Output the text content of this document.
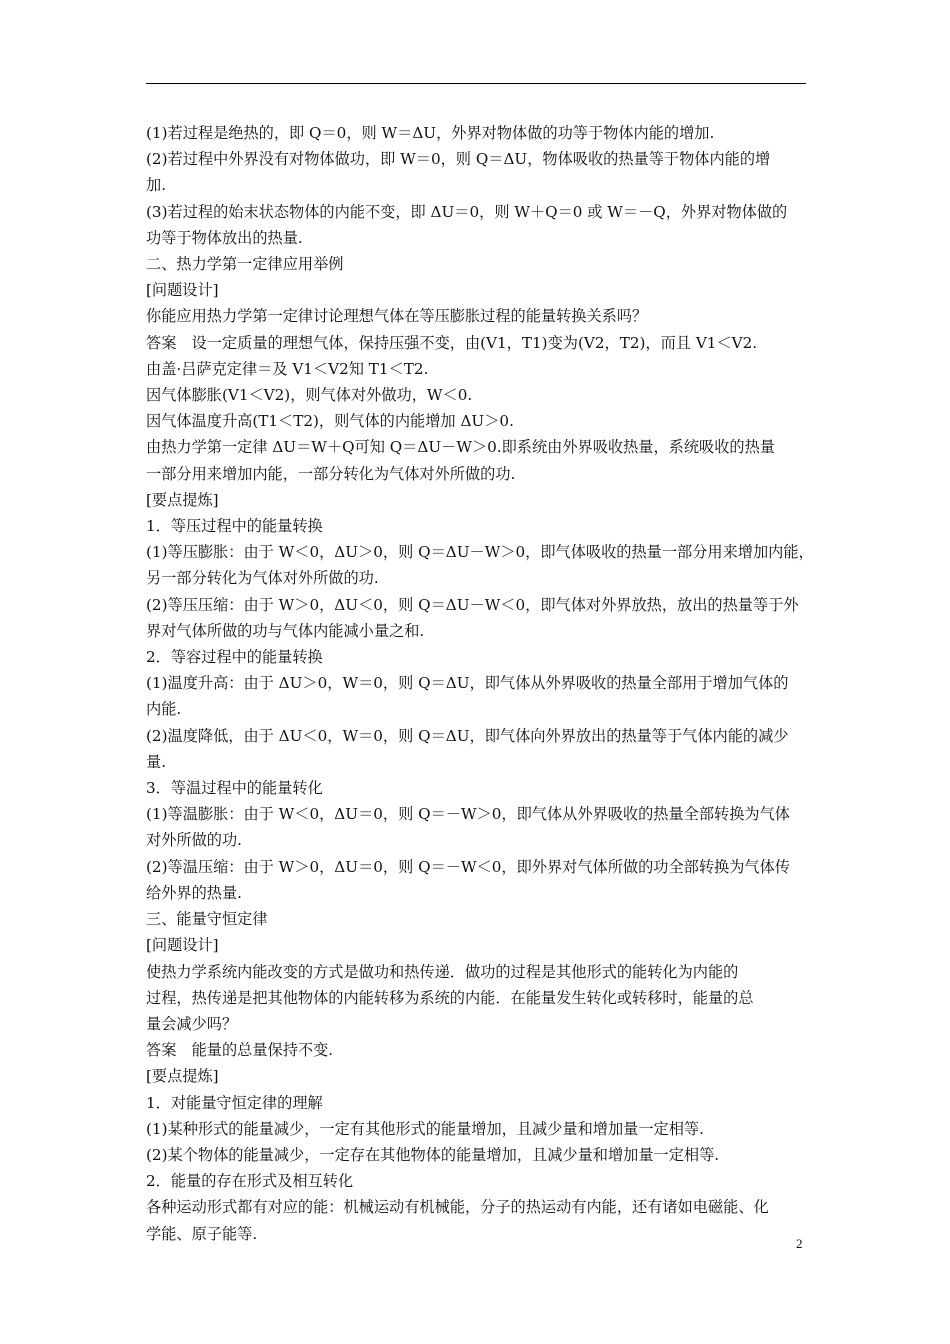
(1)若过程是绝热的，即 Q＝0，则 W＝ΔU，外界对物体做的功等于物体内能的增加.
(2)若过程中外界没有对物体做功，即 W＝0，则 Q＝ΔU，物体吸收的热量等于物体内能的增
加.
(3)若过程的始末状态物体的内能不变，即 ΔU＝0，则 W＋Q＝0 或 W＝－Q，外界对物体做的
功等于物体放出的热量.
二、热力学第一定律应用举例
[问题设计]
你能应用热力学第一定律讨论理想气体在等压膨胀过程的能量转换关系吗？
答案　设一定质量的理想气体，保持压强不变，由(V1，T1)变为(V2，T2)，而且 V1＜V2.
由盖·吕萨克定律＝及 V1＜V2知 T1＜T2.
因气体膨胀(V1＜V2)，则气体对外做功，W＜0.
因气体温度升高(T1＜T2)，则气体的内能增加 ΔU＞0.
由热力学第一定律 ΔU＝W＋Q可知 Q＝ΔU－W＞0.即系统由外界吸收热量，系统吸收的热量
一部分用来增加内能，一部分转化为气体对外所做的功.
[要点提炼]
1．等压过程中的能量转换
(1)等压膨胀：由于 W＜0，ΔU＞0，则 Q＝ΔU－W＞0，即气体吸收的热量一部分用来增加内能，
另一部分转化为气体对外所做的功.
(2)等压压缩：由于 W＞0，ΔU＜0，则 Q＝ΔU－W＜0，即气体对外界放热，放出的热量等于外
界对气体所做的功与气体内能减小量之和.
2．等容过程中的能量转换
(1)温度升高：由于 ΔU＞0，W＝0，则 Q＝ΔU，即气体从外界吸收的热量全部用于增加气体的
内能.
(2)温度降低，由于 ΔU＜0，W＝0，则 Q＝ΔU，即气体向外界放出的热量等于气体内能的减少
量.
3．等温过程中的能量转化
(1)等温膨胀：由于 W＜0，ΔU＝0，则 Q＝－W＞0，即气体从外界吸收的热量全部转换为气体
对外所做的功.
(2)等温压缩：由于 W＞0，ΔU＝0，则 Q＝－W＜0，即外界对气体所做的功全部转换为气体传
给外界的热量.
三、能量守恒定律
[问题设计]
使热力学系统内能改变的方式是做功和热传递．做功的过程是其他形式的能转化为内能的
过程，热传递是把其他物体的内能转移为系统的内能．在能量发生转化或转移时，能量的总
量会减少吗？
答案　能量的总量保持不变.
[要点提炼]
1．对能量守恒定律的理解
(1)某种形式的能量减少，一定有其他形式的能量增加，且减少量和增加量一定相等.
(2)某个物体的能量减少，一定存在其他物体的能量增加，且减少量和增加量一定相等.
2．能量的存在形式及相互转化
各种运动形式都有对应的能：机械运动有机械能，分子的热运动有内能，还有诸如电磁能、化
学能、原子能等.
2
